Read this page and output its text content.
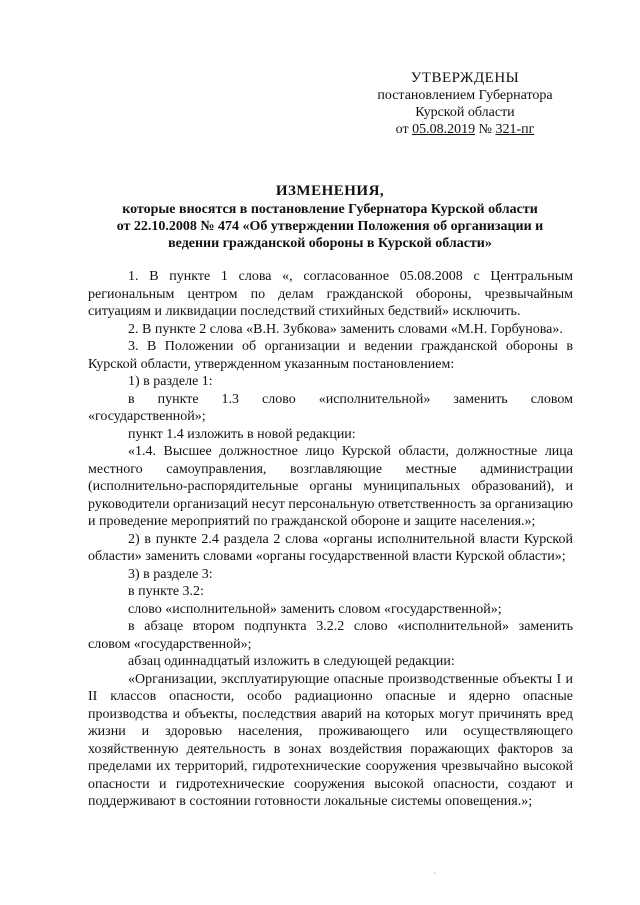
УТВЕРЖДЕНЫ
постановлением Губернатора
Курской области
от 05.08.2019 № 321-пг
ИЗМЕНЕНИЯ,
которые вносятся в постановление Губернатора Курской области
от 22.10.2008 № 474 «Об утверждении Положения об организации и
ведении гражданской обороны в Курской области»

1. В пункте 1 слова «, согласованное 05.08.2008 с Центральным региональным центром по делам гражданской обороны, чрезвычайным ситуациям и ликвидации последствий стихийных бедствий» исключить.

2. В пункте 2 слова «В.Н. Зубкова» заменить словами «М.Н. Горбунова».

3. В Положении об организации и ведении гражданской обороны в Курской области, утвержденном указанным постановлением:

1) в разделе 1:

в пункте 1.3 слово «исполнительной» заменить словом «государственной»;

пункт 1.4 изложить в новой редакции:

«1.4. Высшее должностное лицо Курской области, должностные лица местного самоуправления, возглавляющие местные администрации (исполнительно-распорядительные органы муниципальных образований), и руководители организаций несут персональную ответственность за организацию и проведение мероприятий по гражданской обороне и защите населения.»;

2) в пункте 2.4 раздела 2 слова «органы исполнительной власти Курской области» заменить словами «органы государственной власти Курской области»;

3) в разделе 3:

в пункте 3.2:

слово «исполнительной» заменить словом «государственной»;

в абзаце втором подпункта 3.2.2 слово «исполнительной» заменить словом «государственной»;

абзац одиннадцатый изложить в следующей редакции:

«Организации, эксплуатирующие опасные производственные объекты I и II классов опасности, особо радиационно опасные и ядерно опасные производства и объекты, последствия аварий на которых могут причинять вред жизни и здоровью населения, проживающего или осуществляющего хозяйственную деятельность в зонах воздействия поражающих факторов за пределами их территорий, гидротехнические сооружения чрезвычайно высокой опасности и гидротехнические сооружения высокой опасности, создают и поддерживают в состоянии готовности локальные системы оповещения.»;

`
